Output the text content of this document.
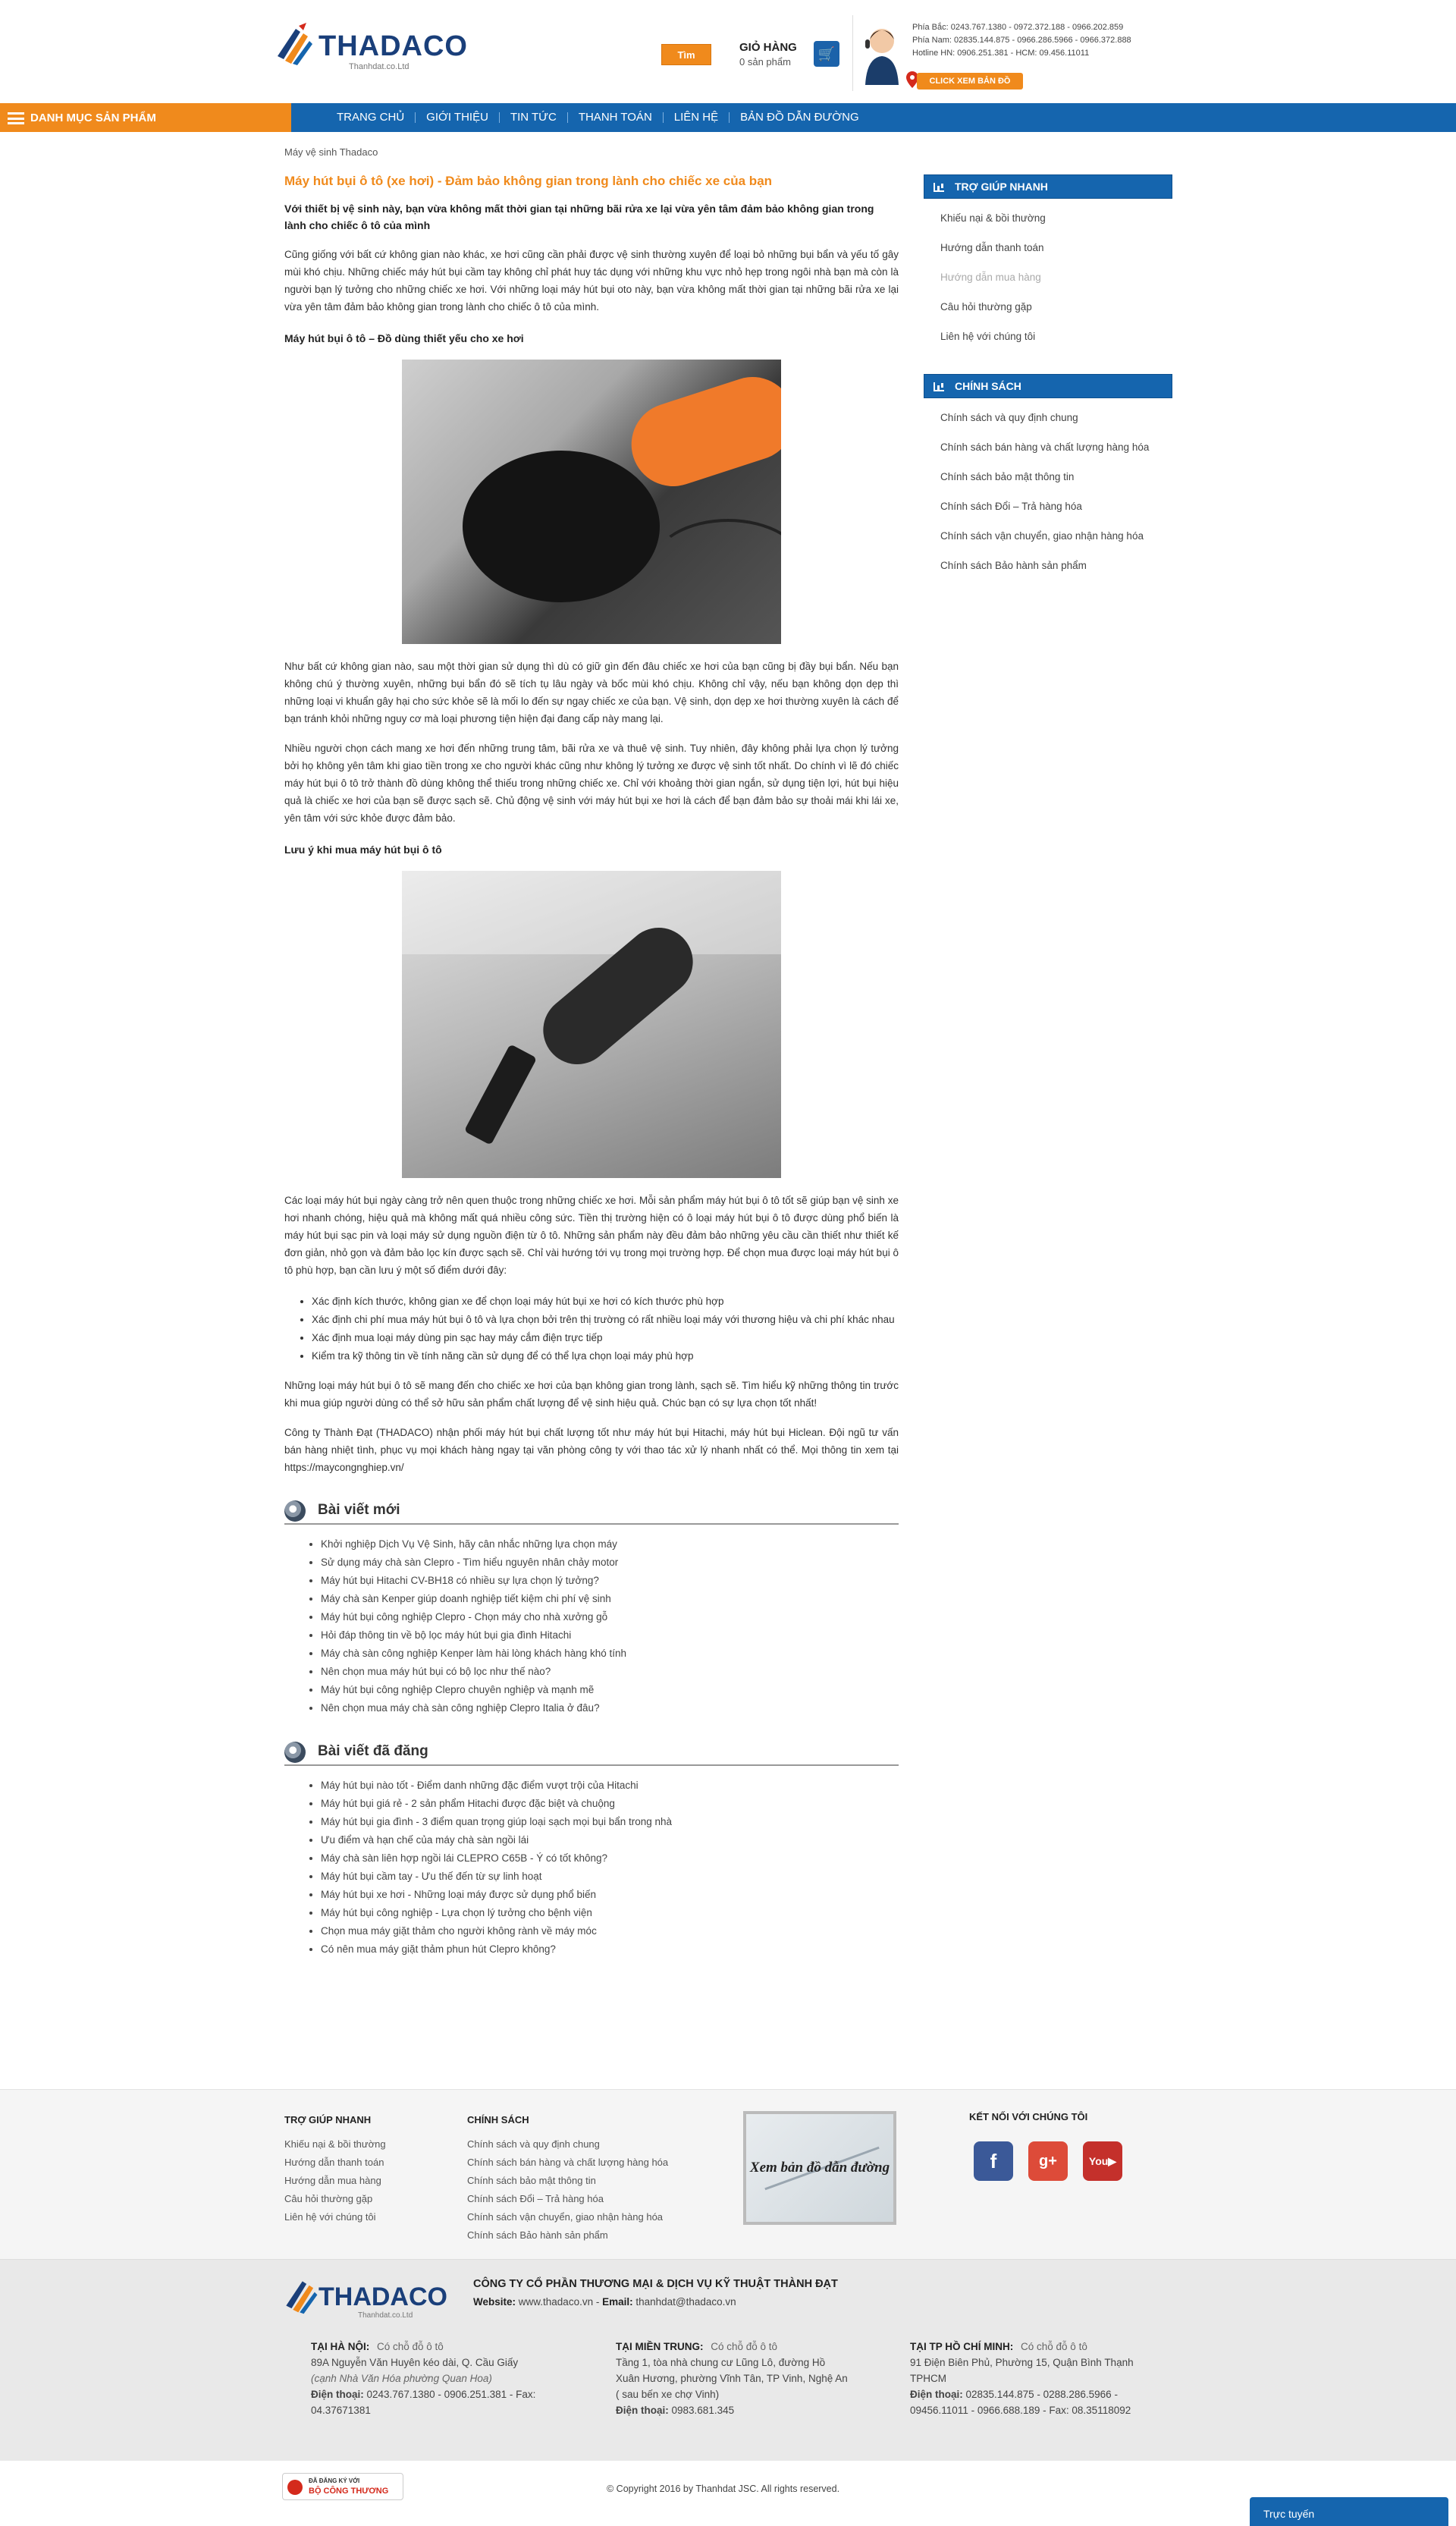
THADACO
Thanhdat.co.Ltd
Tìm
GIỎ HÀNG
0 sản phẩm
🛒
Phía Bắc: 0243.767.1380 - 0972.372.188 - 0966.202.859
Phía Nam: 02835.144.875 - 0966.286.5966 - 0966.372.888
Hotline HN: 0906.251.381 - HCM: 09.456.11011
CLICK XEM BẢN ĐỒ
DANH MỤC SẢN PHẨM	TRANG CHỦ	GIỚI THIỆU	TIN TỨC	THANH TOÁN	LIÊN HỆ	BẢN ĐỒ DẪN ĐƯỜNG
Máy vệ sinh Thadaco
Máy hút bụi ô tô (xe hơi) - Đảm bảo không gian trong lành cho chiếc xe của bạn

Với thiết bị vệ sinh này, bạn vừa không mất thời gian tại những bãi rửa xe lại vừa yên tâm đảm bảo không gian trong lành cho chiếc ô tô của mình

Cũng giống với bất cứ không gian nào khác, xe hơi cũng cần phải được vệ sinh thường xuyên để loại bỏ những bụi bẩn và yếu tố gây mùi khó chịu. Những chiếc máy hút bụi cầm tay không chỉ phát huy tác dụng với những khu vực nhỏ hẹp trong ngôi nhà bạn mà còn là người bạn lý tưởng cho những chiếc xe hơi. Với những loại máy hút bụi oto này, bạn vừa không mất thời gian tại những bãi rửa xe lại vừa yên tâm đảm bảo không gian trong lành cho chiếc ô tô của mình.

Máy hút bụi ô tô – Đồ dùng thiết yếu cho xe hơi

Như bất cứ không gian nào, sau một thời gian sử dụng thì dù có giữ gìn đến đâu chiếc xe hơi của bạn cũng bị đầy bụi bẩn. Nếu bạn không chú ý thường xuyên, những bụi bẩn đó sẽ tích tụ lâu ngày và bốc mùi khó chịu. Không chỉ vậy, nếu bạn không dọn dẹp thì những loại vi khuẩn gây hại cho sức khỏe sẽ là mối lo đến sự ngay chiếc xe của bạn. Vệ sinh, dọn dẹp xe hơi thường xuyên là cách để bạn tránh khỏi những nguy cơ mà loại phương tiện hiện đại đang cấp này mang lại.

Nhiều người chọn cách mang xe hơi đến những trung tâm, bãi rửa xe và thuê vệ sinh. Tuy nhiên, đây không phải lựa chọn lý tưởng bởi họ không yên tâm khi giao tiền trong xe cho người khác cũng như không lý tưởng xe được vệ sinh tốt nhất. Do chính vì lẽ đó chiếc máy hút bụi ô tô trở thành đồ dùng không thể thiếu trong những chiếc xe. Chỉ với khoảng thời gian ngắn, sử dụng tiện lợi, hút bụi hiệu quả là chiếc xe hơi của bạn sẽ được sạch sẽ. Chủ động vệ sinh với máy hút bụi xe hơi là cách để bạn đảm bảo sự thoải mái khi lái xe, yên tâm với sức khỏe được đảm bảo.

Lưu ý khi mua máy hút bụi ô tô

Các loại máy hút bụi ngày càng trở nên quen thuộc trong những chiếc xe hơi. Mỗi sản phẩm máy hút bụi ô tô tốt sẽ giúp bạn vệ sinh xe hơi nhanh chóng, hiệu quả mà không mất quá nhiều công sức. Tiền thị trường hiện có ô loại máy hút bụi ô tô được dùng phổ biến là máy hút bụi sạc pin và loại máy sử dụng nguồn điện từ ô tô. Những sản phẩm này đều đảm bảo những yêu cầu cần thiết như thiết kế đơn giản, nhỏ gọn và đảm bảo lọc kín được sạch sẽ. Chỉ vài hướng tới vụ trong mọi trường hợp. Để chọn mua được loại máy hút bụi ô tô phù hợp, bạn cần lưu ý một số điểm dưới đây:

• Xác định kích thước, không gian xe để chọn loại máy hút bụi xe hơi có kích thước phù hợp
• Xác định chi phí mua máy hút bụi ô tô và lựa chọn bởi trên thị trường có rất nhiều loại máy với thương hiệu và chi phí khác nhau
• Xác định mua loại máy dùng pin sạc hay máy cắm điện trực tiếp
• Kiểm tra kỹ thông tin về tính năng cần sử dụng để có thể lựa chọn loại máy phù hợp

Những loại máy hút bụi ô tô sẽ mang đến cho chiếc xe hơi của bạn không gian trong lành, sạch sẽ. Tìm hiểu kỹ những thông tin trước khi mua giúp người dùng có thể sở hữu sản phẩm chất lượng để vệ sinh hiệu quả. Chúc bạn có sự lựa chọn tốt nhất!

Công ty Thành Đạt (THADACO) nhận phối máy hút bụi chất lượng tốt như máy hút bụi Hitachi, máy hút bụi Hiclean. Đội ngũ tư vấn bán hàng nhiệt tình, phục vụ mọi khách hàng ngay tại văn phòng công ty với thao tác xử lý nhanh nhất có thể. Mọi thông tin xem tại https://maycongnghiep.vn/

Bài viết mới
• Khởi nghiệp Dịch Vụ Vệ Sinh, hãy cân nhắc những lựa chọn máy
• Sử dụng máy chà sàn Clepro - Tìm hiểu nguyên nhân chảy motor
• Máy hút bụi Hitachi CV-BH18 có nhiều sự lựa chọn lý tưởng?
• Máy chà sàn Kenper giúp doanh nghiệp tiết kiệm chi phí vệ sinh
• Máy hút bụi công nghiệp Clepro - Chọn máy cho nhà xưởng gỗ
• Hỏi đáp thông tin về bộ lọc máy hút bụi gia đình Hitachi
• Máy chà sàn công nghiệp Kenper làm hài lòng khách hàng khó tính
• Nên chọn mua máy hút bụi có bộ lọc như thế nào?
• Máy hút bụi công nghiệp Clepro chuyên nghiệp và mạnh mẽ
• Nên chọn mua máy chà sàn công nghiệp Clepro Italia ở đâu?
Bài viết đã đăng
• Máy hút bụi nào tốt - Điểm danh những đặc điểm vượt trội của Hitachi
• Máy hút bụi giá rẻ - 2 sản phẩm Hitachi được đặc biệt và chuộng
• Máy hút bụi gia đình - 3 điểm quan trọng giúp loại sạch mọi bụi bẩn trong nhà
• Ưu điểm và hạn chế của máy chà sàn ngồi lái
• Máy chà sàn liên hợp ngồi lái CLEPRO C65B - Ý có tốt không?
• Máy hút bụi cầm tay - Ưu thế đến từ sự linh hoạt
• Máy hút bụi xe hơi - Những loại máy được sử dụng phổ biến
• Máy hút bụi công nghiệp - Lựa chọn lý tưởng cho bệnh viện
• Chọn mua máy giặt thảm cho người không rành về máy móc
• Có nên mua máy giặt thảm phun hút Clepro không?
TRỢ GIÚP NHANH
Khiếu nại & bồi thường
Hướng dẫn thanh toán
Hướng dẫn mua hàng
Câu hỏi thường gặp
Liên hệ với chúng tôi
CHÍNH SÁCH
Chính sách và quy định chung
Chính sách bán hàng và chất lượng hàng hóa
Chính sách bảo mật thông tin
Chính sách Đổi – Trả hàng hóa
Chính sách vận chuyển, giao nhận hàng hóa
Chính sách Bảo hành sản phẩm
TRỢ GIÚP NHANH
Khiếu nại & bồi thường
Hướng dẫn thanh toán
Hướng dẫn mua hàng
Câu hỏi thường gặp
Liên hệ với chúng tôi
CHÍNH SÁCH
Chính sách và quy định chung
Chính sách bán hàng và chất lượng hàng hóa
Chính sách bảo mật thông tin
Chính sách Đổi – Trả hàng hóa
Chính sách vận chuyển, giao nhận hàng hóa
Chính sách Bảo hành sản phẩm
Xem bản đồ dẫn đường
KẾT NỐI VỚI CHÚNG TÔI
f	g+	You▶
THADACO
Thanhdat.co.Ltd
CÔNG TY CỔ PHẦN THƯƠNG MẠI & DỊCH VỤ KỸ THUẬT THÀNH ĐẠT
Website: www.thadaco.vn - Email: thanhdat@thadaco.vn
TẠI HÀ NỘI: Có chỗ đỗ ô tô
89A Nguyễn Văn Huyên kéo dài, Q. Cầu Giấy
(cạnh Nhà Văn Hóa phường Quan Hoa)
Điện thoại: 0243.767.1380 - 0906.251.381 - Fax: 04.37671381
TẠI MIỀN TRUNG: Có chỗ đỗ ô tô
Tầng 1, tòa nhà chung cư Lũng Lô, đường Hồ
Xuân Hương, phường Vĩnh Tân, TP Vinh, Nghệ An
( sau bến xe chợ Vinh)
Điện thoại: 0983.681.345
TẠI TP HỒ CHÍ MINH: Có chỗ đỗ ô tô
91 Điện Biên Phủ, Phường 15, Quận Bình Thạnh
TPHCM
Điện thoại: 02835.144.875 - 0288.286.5966 - 09456.11011 - 0966.688.189 - Fax: 08.35118092
ĐÃ ĐĂNG KÝ VỚI
BỘ CÔNG THƯƠNG	© Copyright 2016 by Thanhdat JSC. All rights reserved.
Trực tuyến
